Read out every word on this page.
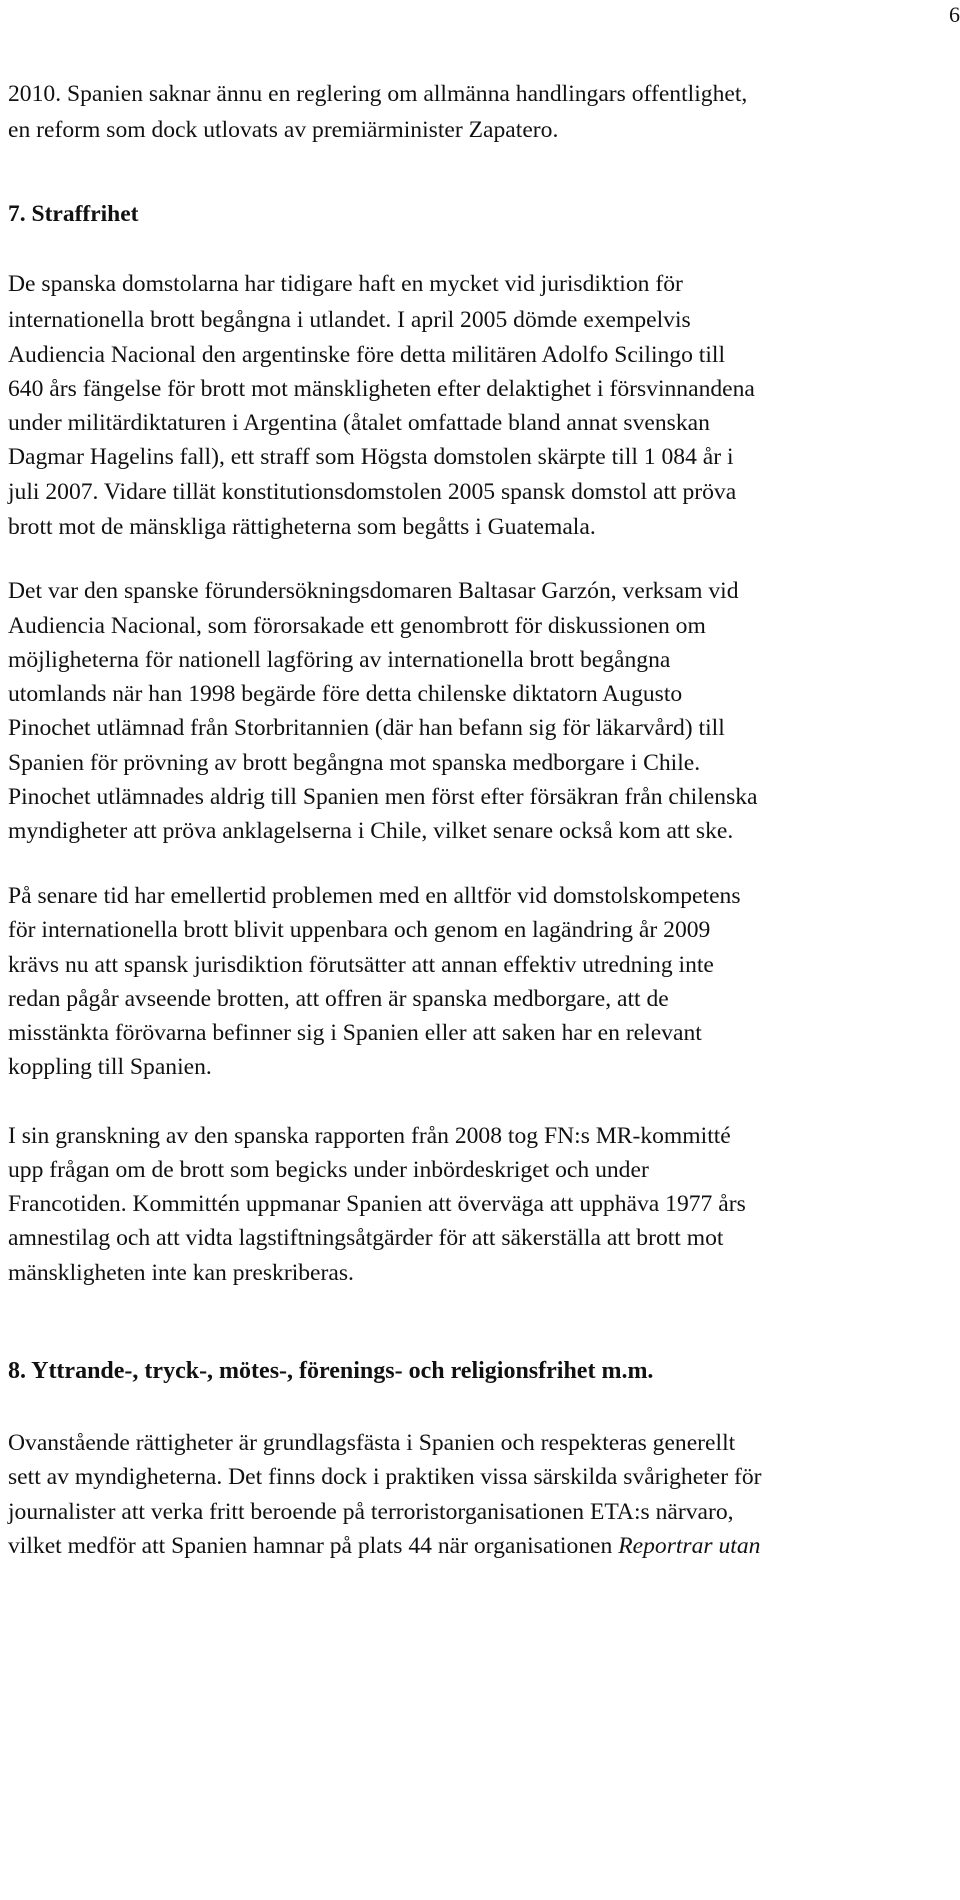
6
2010. Spanien saknar ännu en reglering om allmänna handlingars offentlighet,
en reform som dock utlovats av premiärminister Zapatero.
7. Straffrihet
De spanska domstolarna har tidigare haft en mycket vid jurisdiktion för
internationella brott begångna i utlandet. I april 2005 dömde exempelvis
Audiencia Nacional den argentinske före detta militären Adolfo Scilingo till
640 års fängelse för brott mot mänskligheten efter delaktighet i försvinnandena
under militärdiktaturen i Argentina (åtalet omfattade bland annat svenskan
Dagmar Hagelins fall), ett straff som Högsta domstolen skärpte till 1 084 år i
juli 2007. Vidare tillät konstitutionsdomstolen 2005 spansk domstol att pröva
brott mot de mänskliga rättigheterna som begåtts i Guatemala.
Det var den spanske förundersökningsdomaren Baltasar Garzón, verksam vid
Audiencia Nacional, som förorsakade ett genombrott för diskussionen om
möjligheterna för nationell lagföring av internationella brott begångna
utomlands när han 1998 begärde före detta chilenske diktatorn Augusto
Pinochet utlämnad från Storbritannien (där han befann sig för läkarvård) till
Spanien för prövning av brott begångna mot spanska medborgare i Chile.
Pinochet utlämnades aldrig till Spanien men först efter försäkran från chilenska
myndigheter att pröva anklagelserna i Chile, vilket senare också kom att ske.
På senare tid har emellertid problemen med en alltför vid domstolskompetens
för internationella brott blivit uppenbara och genom en lagändring år 2009
krävs nu att spansk jurisdiktion förutsätter att annan effektiv utredning inte
redan pågår avseende brotten, att offren är spanska medborgare, att de
misstänkta förövarna befinner sig i Spanien eller att saken har en relevant
koppling till Spanien.
I sin granskning av den spanska rapporten från 2008 tog FN:s MR-kommitté
upp frågan om de brott som begicks under inbördeskriget och under
Francotiden. Kommittén uppmanar Spanien att överväga att upphäva 1977 års
amnestilag och att vidta lagstiftningsåtgärder för att säkerställa att brott mot
mänskligheten inte kan preskriberas.
8. Yttrande-, tryck-, mötes-, förenings- och religionsfrihet m.m.
Ovanstående rättigheter är grundlagsfästa i Spanien och respekteras generellt
sett av myndigheterna. Det finns dock i praktiken vissa särskilda svårigheter för
journalister att verka fritt beroende på terroristorganisationen ETA:s närvaro,
vilket medför att Spanien hamnar på plats 44 när organisationen Reportrar utan
